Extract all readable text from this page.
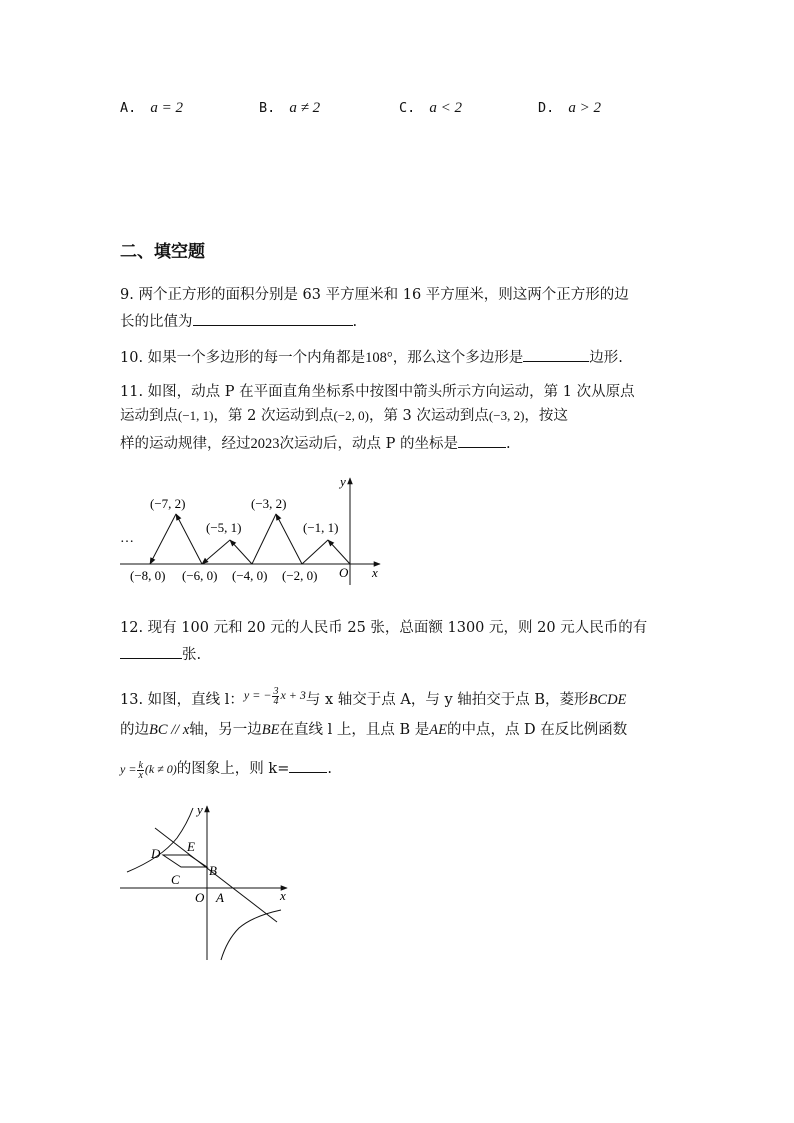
A. a = 2	B. a ≠ 2	C. a < 2	D. a > 2
二、填空题
9. 两个正方形的面积分别是 63 平方厘米和 16 平方厘米，则这两个正方形的边
长的比值为	.
10. 如果一个多边形的每一个内角都是108°，那么这个多边形是	边形.
11. 如图，动点 P 在平面直角坐标系中按图中箭头所示方向运动，第 1 次从原点
运动到点(−1, 1)，第 2 次运动到点(−2, 0)，第 3 次运动到点(−3, 2)，按这
样的运动规律，经过2023次运动后，动点 P 的坐标是	.
(−7, 2)
(−5, 1)
(−3, 2)
(−1, 1)
(−8, 0) (−6, 0) (−4, 0) (−2, 0) O x
y
…
12. 现有 100 元和 20 元的人民币 25 张，总面额 1300 元，则 20 元人民币的有
张.
13. 如图，直线 l：$^{y = - \frac{3}{4} x + 3}$与 x 轴交于点 A，与 y 轴拍交于点 B，菱形BCDE
的边BC // x轴，另一边BE在直线 l 上，且点 B 是AE的中点，点 D 在反比例函数
$y = \frac{k}{x} (k \ne 0)$的图象上，则 k=	.
D E
B
C
O A	x
y
